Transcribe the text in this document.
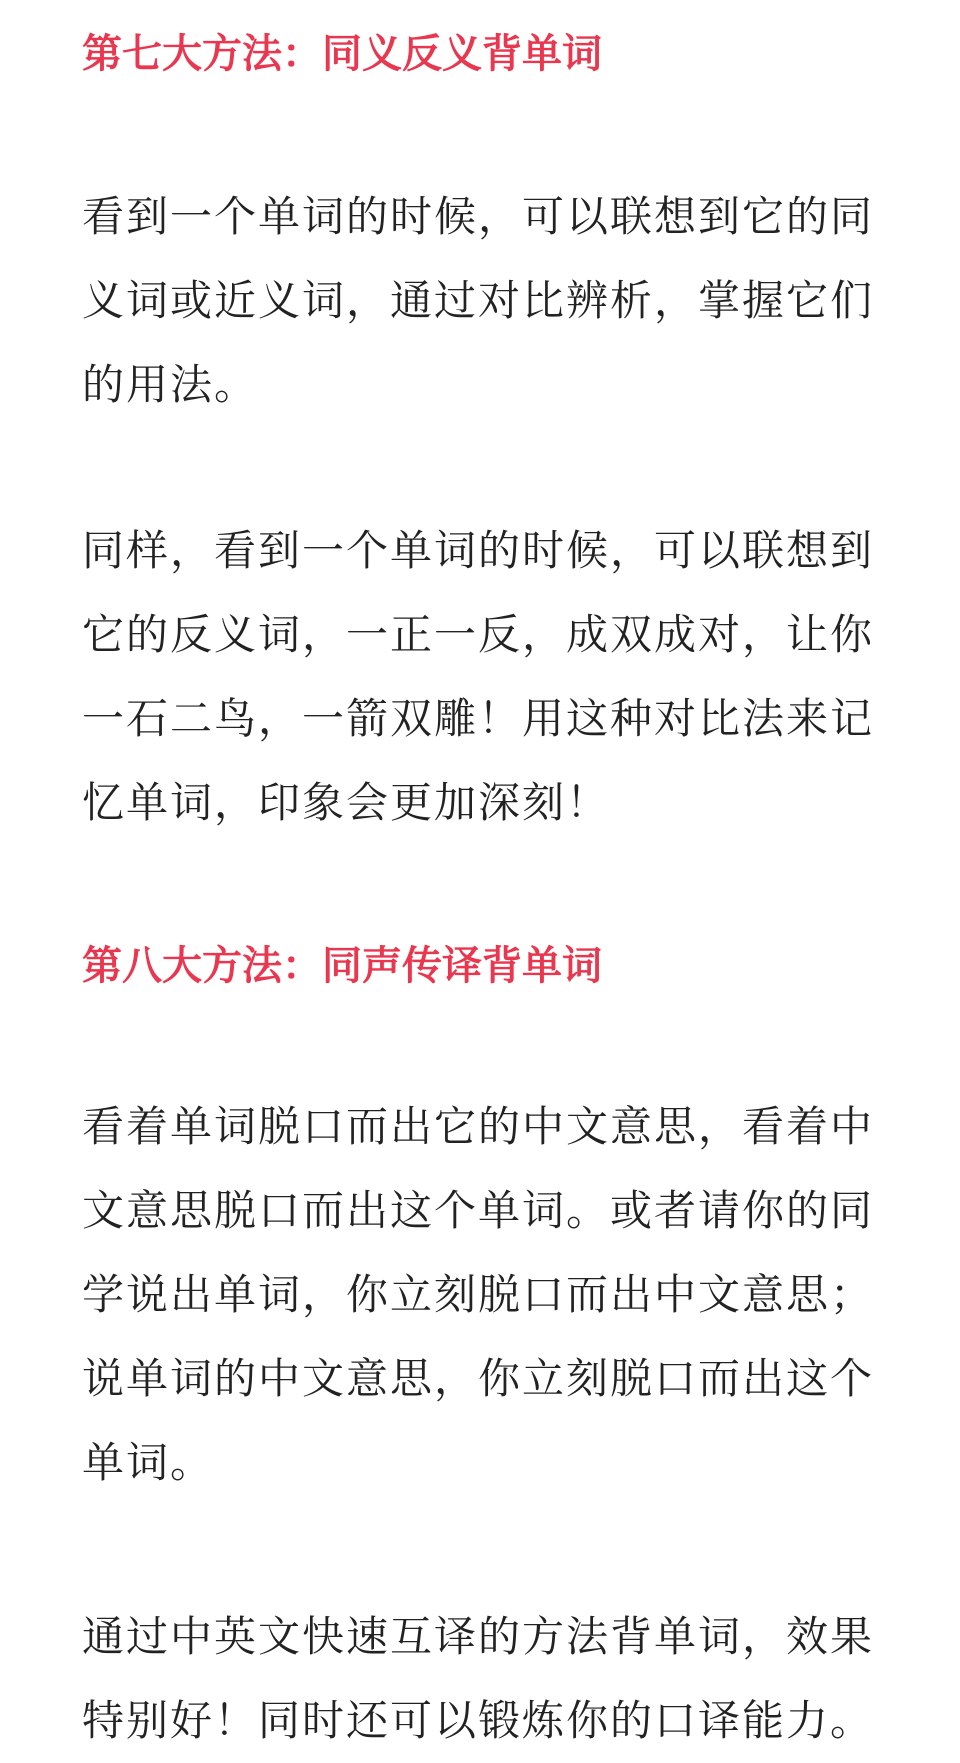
第七大方法：同义反义背单词

看到一个单词的时候，可以联想到它的同义词或近义词，通过对比辨析，掌握它们的用法。

同样，看到一个单词的时候，可以联想到它的反义词，一正一反，成双成对，让你一石二鸟，一箭双雕！用这种对比法来记忆单词，印象会更加深刻！

第八大方法：同声传译背单词

看着单词脱口而出它的中文意思，看着中文意思脱口而出这个单词。或者请你的同学说出单词，你立刻脱口而出中文意思；说单词的中文意思，你立刻脱口而出这个单词。

通过中英文快速互译的方法背单词，效果特别好！同时还可以锻炼你的口译能力。
